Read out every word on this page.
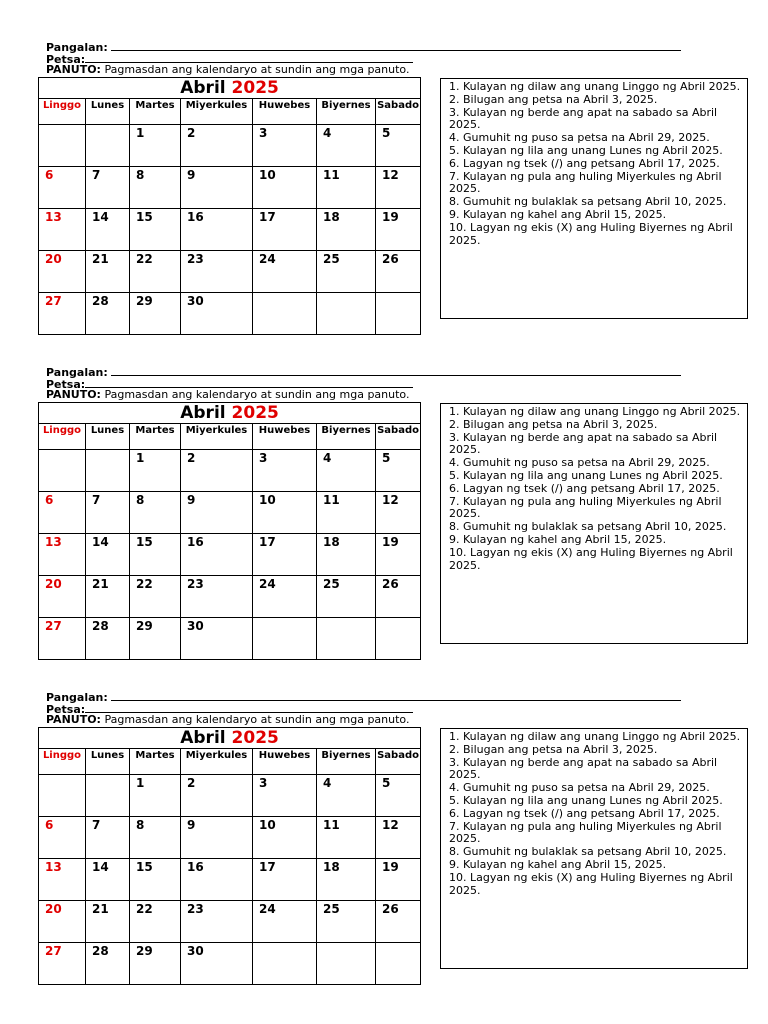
Pangalan:
Petsa:
PANUTO: Pagmasdan ang kalendaryo at sundin ang mga panuto.
Abril 2025						
Linggo	Lunes	Martes	Miyerkules	Huwebes	Biyernes	Sabado
		1	2	3	4	5
6	7	8	9	10	11	12
13	14	15	16	17	18	19
20	21	22	23	24	25	26
27	28	29	30			
1. Kulayan ng dilaw ang unang Linggo ng Abril 2025.
2. Bilugan ang petsa na Abril 3, 2025.
3. Kulayan ng berde ang apat na sabado sa Abril 2025.
4. Gumuhit ng puso sa petsa na Abril 29, 2025.
5. Kulayan ng lila ang unang Lunes ng Abril 2025.
6. Lagyan ng tsek (/) ang petsang Abril 17, 2025.
7. Kulayan ng pula ang huling Miyerkules ng Abril 2025.
8. Gumuhit ng bulaklak sa petsang Abril 10, 2025.
9. Kulayan ng kahel ang Abril 15, 2025.
10. Lagyan ng ekis (X) ang Huling Biyernes ng Abril 2025.
Pangalan:
Petsa:
PANUTO: Pagmasdan ang kalendaryo at sundin ang mga panuto.
Abril 2025						
Linggo	Lunes	Martes	Miyerkules	Huwebes	Biyernes	Sabado
		1	2	3	4	5
6	7	8	9	10	11	12
13	14	15	16	17	18	19
20	21	22	23	24	25	26
27	28	29	30			
1. Kulayan ng dilaw ang unang Linggo ng Abril 2025.
2. Bilugan ang petsa na Abril 3, 2025.
3. Kulayan ng berde ang apat na sabado sa Abril 2025.
4. Gumuhit ng puso sa petsa na Abril 29, 2025.
5. Kulayan ng lila ang unang Lunes ng Abril 2025.
6. Lagyan ng tsek (/) ang petsang Abril 17, 2025.
7. Kulayan ng pula ang huling Miyerkules ng Abril 2025.
8. Gumuhit ng bulaklak sa petsang Abril 10, 2025.
9. Kulayan ng kahel ang Abril 15, 2025.
10. Lagyan ng ekis (X) ang Huling Biyernes ng Abril 2025.
Pangalan:
Petsa:
PANUTO: Pagmasdan ang kalendaryo at sundin ang mga panuto.
Abril 2025						
Linggo	Lunes	Martes	Miyerkules	Huwebes	Biyernes	Sabado
		1	2	3	4	5
6	7	8	9	10	11	12
13	14	15	16	17	18	19
20	21	22	23	24	25	26
27	28	29	30			
1. Kulayan ng dilaw ang unang Linggo ng Abril 2025.
2. Bilugan ang petsa na Abril 3, 2025.
3. Kulayan ng berde ang apat na sabado sa Abril 2025.
4. Gumuhit ng puso sa petsa na Abril 29, 2025.
5. Kulayan ng lila ang unang Lunes ng Abril 2025.
6. Lagyan ng tsek (/) ang petsang Abril 17, 2025.
7. Kulayan ng pula ang huling Miyerkules ng Abril 2025.
8. Gumuhit ng bulaklak sa petsang Abril 10, 2025.
9. Kulayan ng kahel ang Abril 15, 2025.
10. Lagyan ng ekis (X) ang Huling Biyernes ng Abril 2025.
